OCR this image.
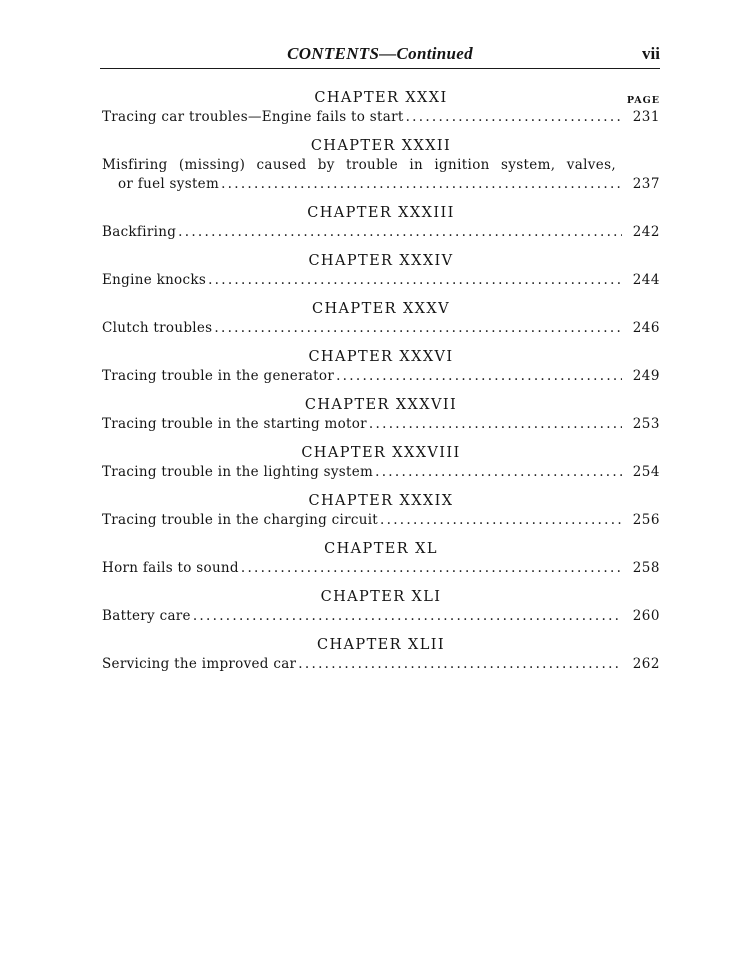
CONTENTS—Continued	vii
CHAPTER XXXI	PAGE
Tracing car troubles—Engine fails to start .....	231
CHAPTER XXXII
Misfiring (missing) caused by trouble in ignition system, valves,
or fuel system .....	237
CHAPTER XXXIII
Backfiring .....	242
CHAPTER XXXIV
Engine knocks .....	244
CHAPTER XXXV
Clutch troubles .....	246
CHAPTER XXXVI
Tracing trouble in the generator .....	249
CHAPTER XXXVII
Tracing trouble in the starting motor .....	253
CHAPTER XXXVIII
Tracing trouble in the lighting system .....	254
CHAPTER XXXIX
Tracing trouble in the charging circuit .....	256
CHAPTER XL
Horn fails to sound .....	258
CHAPTER XLI
Battery care .....	260
CHAPTER XLII
Servicing the improved car .....	262
